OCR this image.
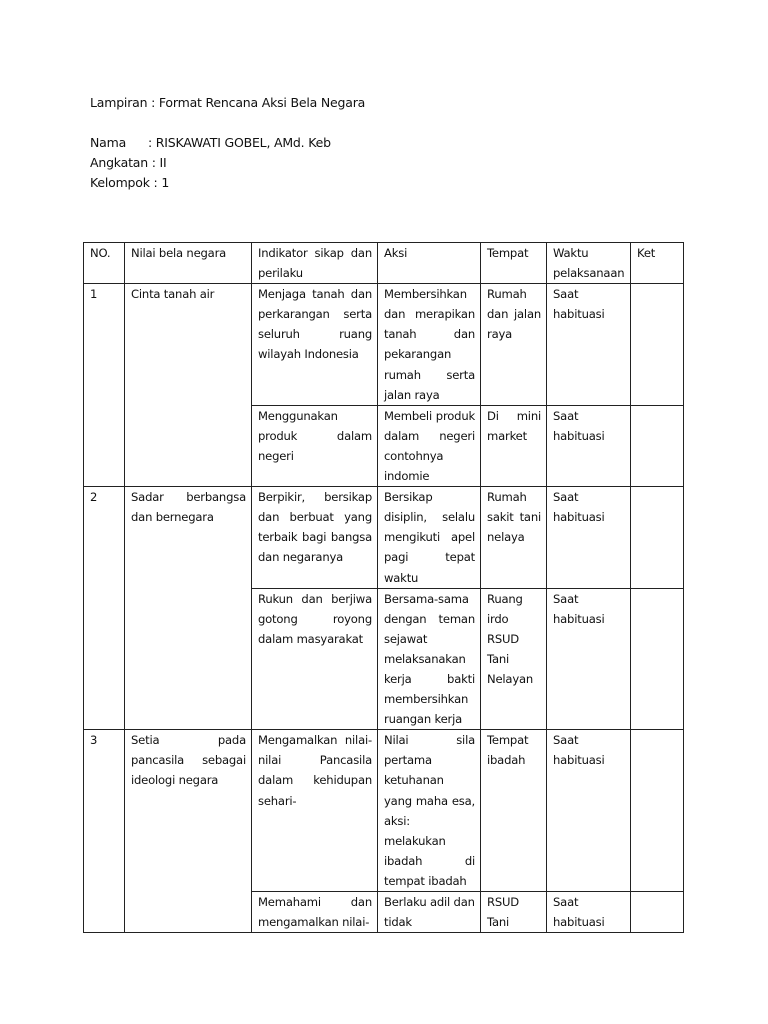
Lampiran : Format Rencana Aksi Bela Negara
Nama : RISKAWATI GOBEL, AMd. Keb
Angkatan : II
Kelompok : 1
NO.	Nilai bela negara	Indikator sikap dan perilaku	Aksi	Tempat	Waktu pelaksanaan	Ket
1	Cinta tanah air	Menjaga tanah dan perkarangan serta seluruh ruang wilayah Indonesia	Membersihkan dan merapikan tanah dan pekarangan rumah serta jalan raya	Rumah dan jalan raya	Saat habituasi	
		Menggunakan produk dalam negeri	Membeli produk dalam negeri contohnya indomie	Di mini market	Saat habituasi	
2	Sadar berbangsa dan bernegara	Berpikir, bersikap dan berbuat yang terbaik bagi bangsa dan negaranya	Bersikap disiplin, selalu mengikuti apel pagi tepat waktu	Rumah sakit tani nelaya	Saat habituasi	
		Rukun dan berjiwa gotong royong dalam masyarakat	Bersama-sama dengan teman sejawat melaksanakan kerja bakti membersihkan ruangan kerja	Ruang irdo RSUD Tani Nelayan	Saat habituasi	
3	Setia pada pancasila sebagai ideologi negara	Mengamalkan nilai-nilai Pancasila dalam kehidupan sehari-	Nilai sila pertama ketuhanan yang maha esa, aksi: melakukan ibadah di tempat ibadah	Tempat ibadah	Saat habituasi	
		Memahami dan mengamalkan nilai-	Berlaku adil dan tidak	RSUD Tani	Saat habituasi	
